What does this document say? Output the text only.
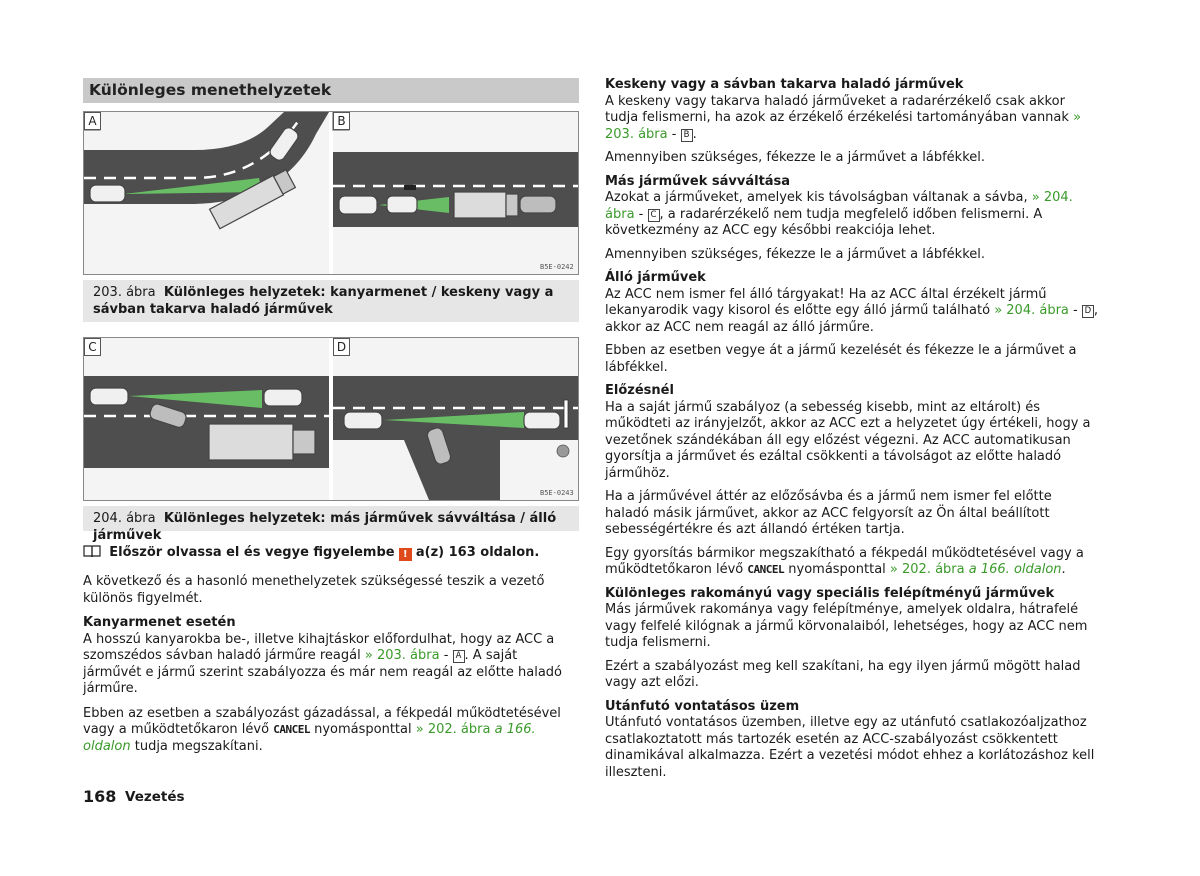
Különleges menethelyzetek
A	B
B5E-0242
203. ábra Különleges helyzetek: kanyarmenet / keskeny vagy a sávban takarva haladó járművek
C	D
B5E-0243
204. ábra Különleges helyzetek: más járművek sávváltása / álló járművek
Először olvassa el és vegye figyelembe ! a(z) 163 oldalon.

A következő és a hasonló menethelyzetek szükségessé teszik a vezető különös figyelmét.

Kanyarmenet esetén

A hosszú kanyarokba be-, illetve kihajtáskor előfordulhat, hogy az ACC a szomszédos sávban haladó járműre reagál » 203. ábra - A . A saját járművét e jármű szerint szabályozza és már nem reagál az előtte haladó járműre.

Ebben az esetben a szabályozást gázadással, a fékpedál működtetésével vagy a működtetőkaron lévő CANCEL nyomásponttal » 202. ábra a 166. oldalon tudja megszakítani.

Keskeny vagy a sávban takarva haladó járművek

A keskeny vagy takarva haladó járműveket a radarérzékelő csak akkor tudja felismerni, ha azok az érzékelő érzékelési tartományában vannak » 203. ábra - B .

Amennyiben szükséges, fékezze le a járművet a lábfékkel.

Más járművek sávváltása

Azokat a járműveket, amelyek kis távolságban váltanak a sávba, » 204. ábra - C , a radarérzékelő nem tudja megfelelő időben felismerni. A következmény az ACC egy későbbi reakciója lehet.

Amennyiben szükséges, fékezze le a járművet a lábfékkel.

Álló járművek

Az ACC nem ismer fel álló tárgyakat! Ha az ACC által érzékelt jármű lekanyarodik vagy kisorol és előtte egy álló jármű található » 204. ábra - D , akkor az ACC nem reagál az álló járműre.

Ebben az esetben vegye át a jármű kezelését és fékezze le a járművet a lábfékkel.

Előzésnél

Ha a saját jármű szabályoz (a sebesség kisebb, mint az eltárolt) és működteti az irányjelzőt, akkor az ACC ezt a helyzetet úgy értékeli, hogy a vezetőnek szándékában áll egy előzést végezni. Az ACC automatikusan gyorsítja a járművet és ezáltal csökkenti a távolságot az előtte haladó járműhöz.

Ha a járművével áttér az előzősávba és a jármű nem ismer fel előtte haladó másik járművet, akkor az ACC felgyorsít az Ön által beállított sebességértékre és azt állandó értéken tartja.

Egy gyorsítás bármikor megszakítható a fékpedál működtetésével vagy a működtetőkaron lévő CANCEL nyomásponttal » 202. ábra a 166. oldalon.

Különleges rakományú vagy speciális felépítményű járművek

Más járművek rakománya vagy felépítménye, amelyek oldalra, hátrafelé vagy felfelé kilógnak a jármű körvonalaiból, lehetséges, hogy az ACC nem tudja felismerni.

Ezért a szabályozást meg kell szakítani, ha egy ilyen jármű mögött halad vagy azt előzi.

Utánfutó vontatásos üzem

Utánfutó vontatásos üzemben, illetve egy az utánfutó csatlakozóaljzathoz csatlakoztatott más tartozék esetén az ACC-szabályozást csökkentett dinamikával alkalmazza. Ezért a vezetési módot ehhez a korlátozáshoz kell illeszteni.

168 Vezetés
